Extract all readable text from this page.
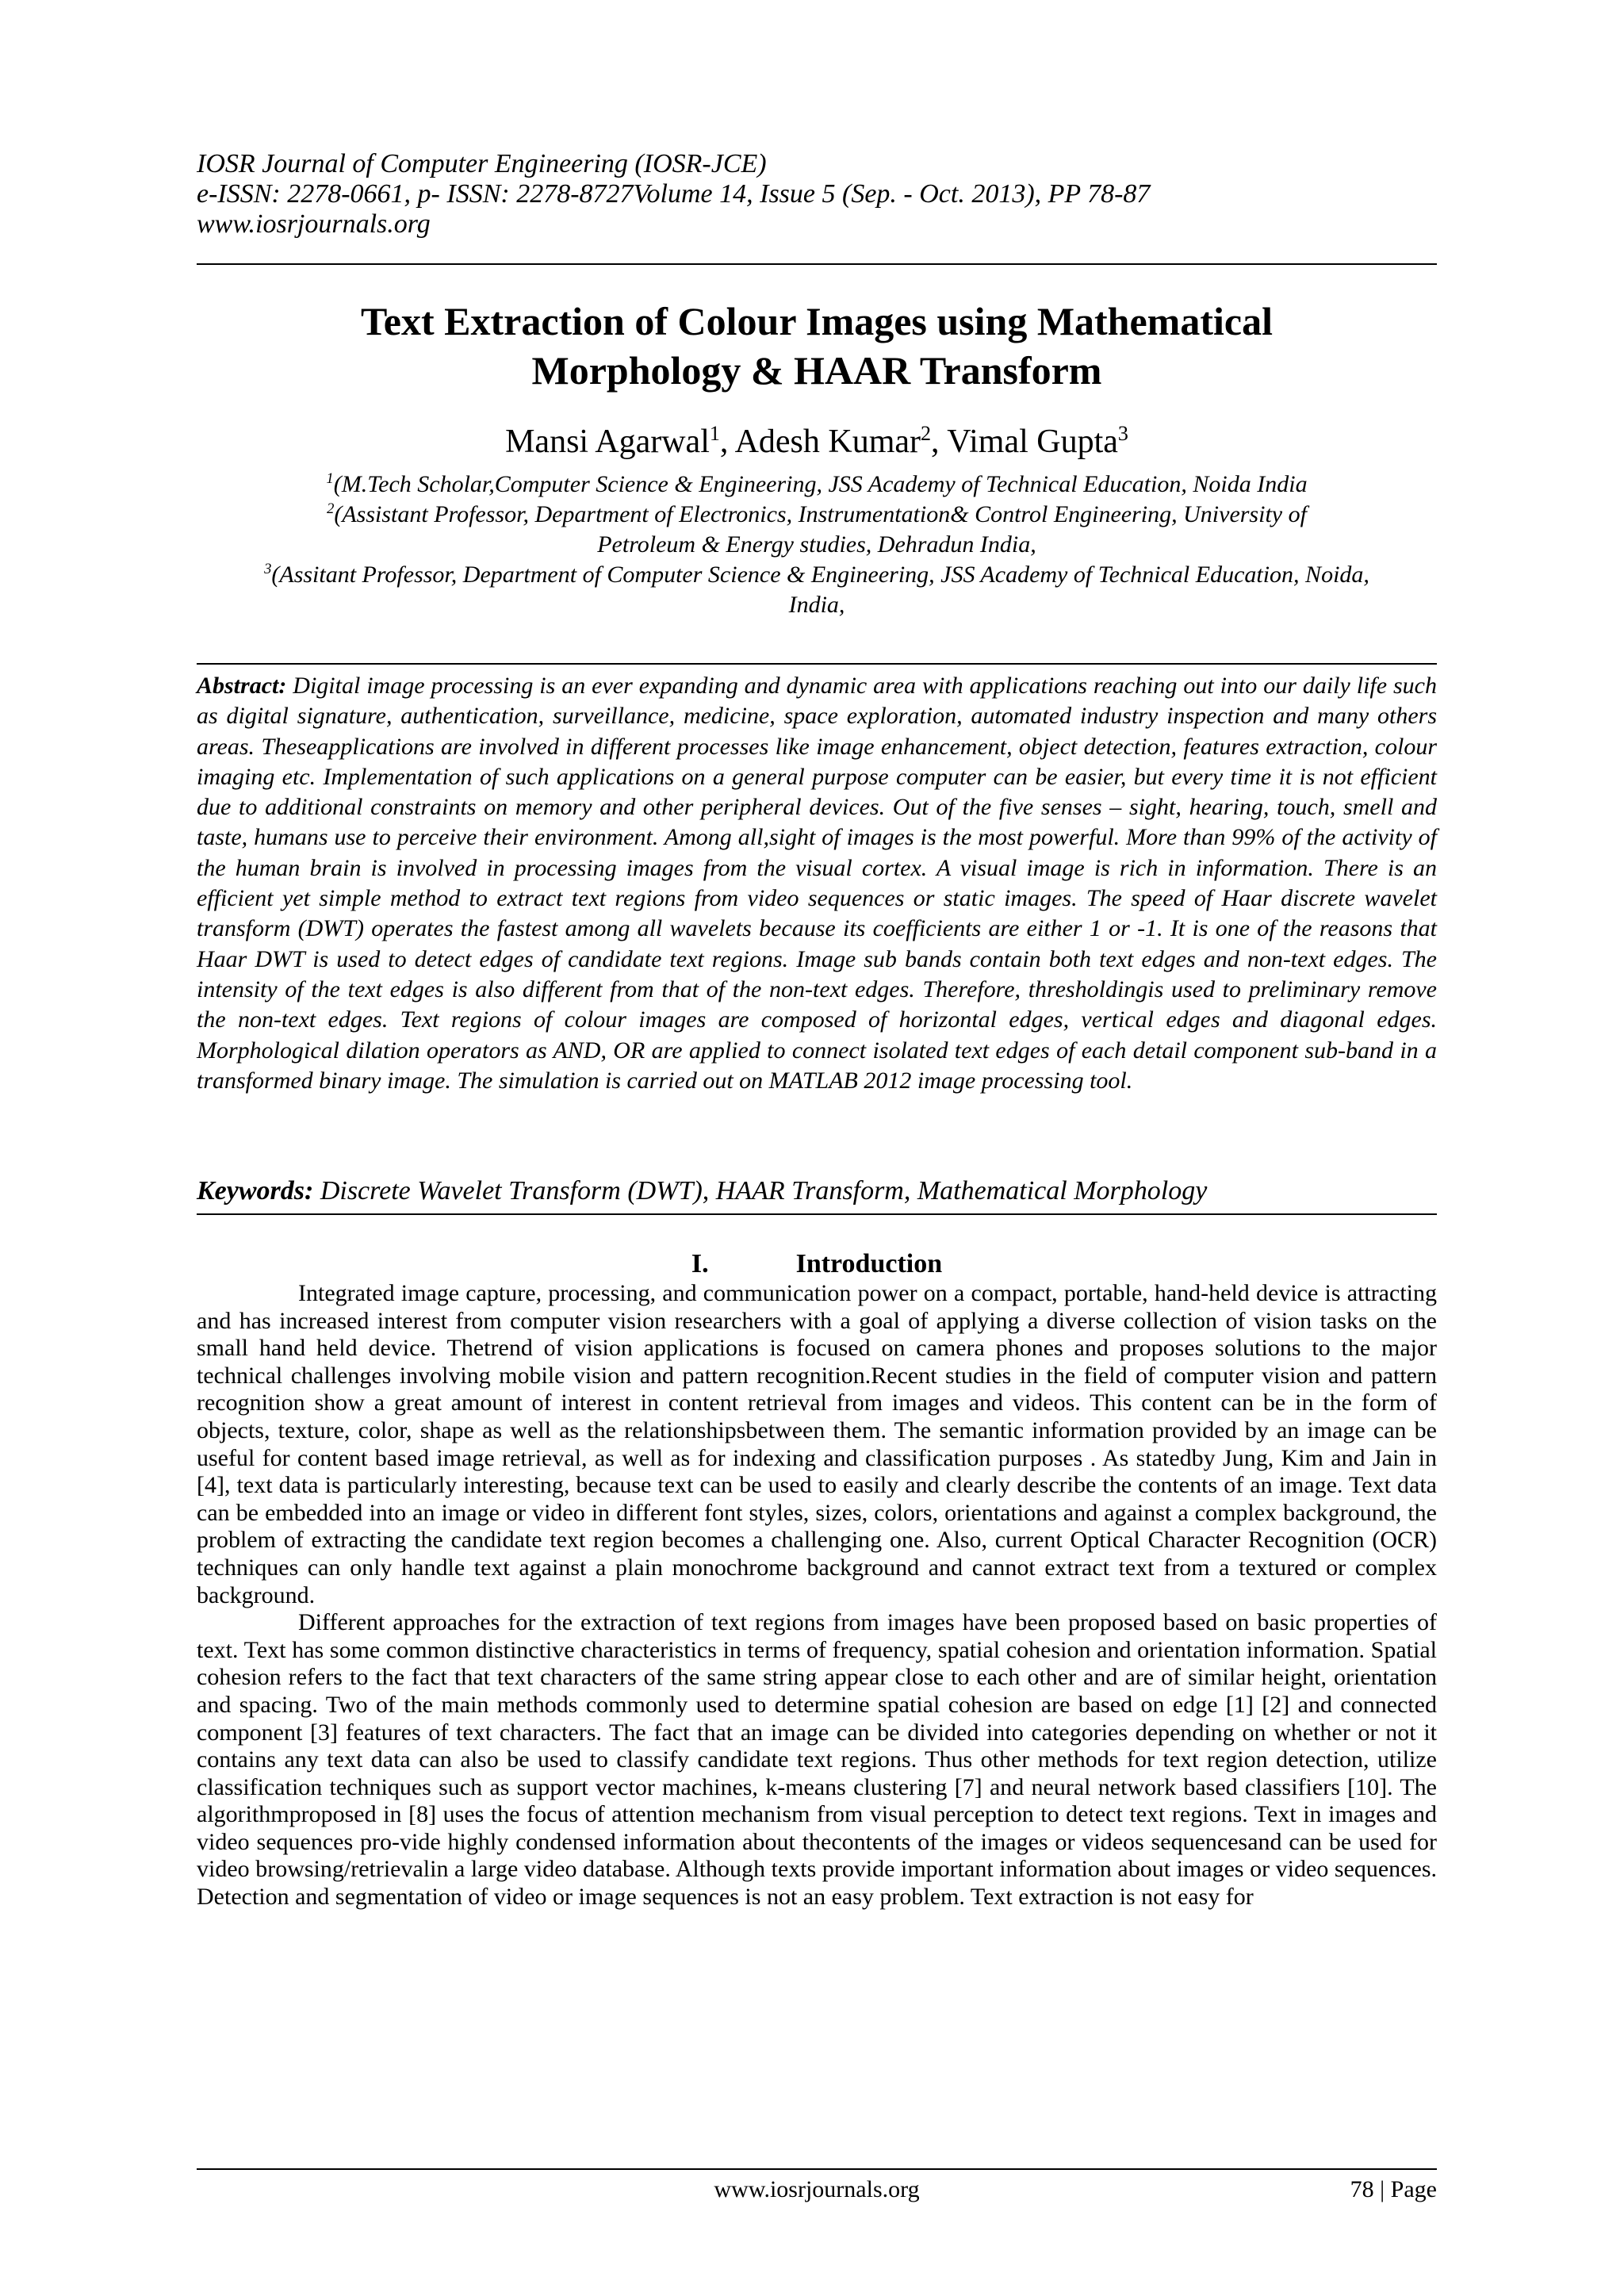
IOSR Journal of Computer Engineering (IOSR-JCE)

e-ISSN: 2278-0661, p- ISSN: 2278-8727Volume 14, Issue 5 (Sep. - Oct. 2013), PP 78-87

www.iosrjournals.org

Text Extraction of Colour Images using Mathematical
Morphology & HAAR Transform
Mansi Agarwal$^1$, Adesh Kumar$^2$, Vimal Gupta$^3$
$^1$(M.Tech Scholar,Computer Science & Engineering, JSS Academy of Technical Education, Noida India
$^2$(Assistant Professor, Department of Electronics, Instrumentation& Control Engineering, University of Petroleum & Energy studies, Dehradun India,
$^3$(Assitant Professor, Department of Computer Science & Engineering, JSS Academy of Technical Education, Noida, India,

Abstract: Digital image processing is an ever expanding and dynamic area with applications reaching out into our daily life such as digital signature, authentication, surveillance, medicine, space exploration, automated industry inspection and many others areas. Theseapplications are involved in different processes like image enhancement, object detection, features extraction, colour imaging etc. Implementation of such applications on a general purpose computer can be easier, but every time it is not efficient due to additional constraints on memory and other peripheral devices. Out of the five senses – sight, hearing, touch, smell and taste, humans use to perceive their environment. Among all,sight of images is the most powerful. More than 99% of the activity of the human brain is involved in processing images from the visual cortex. A visual image is rich in information. There is an efficient yet simple method to extract text regions from video sequences or static images. The speed of Haar discrete wavelet transform (DWT) operates the fastest among all wavelets because its coefficients are either 1 or -1. It is one of the reasons that Haar DWT is used to detect edges of candidate text regions. Image sub bands contain both text edges and non-text edges. The intensity of the text edges is also different from that of the non-text edges. Therefore, thresholdingis used to preliminary remove the non-text edges. Text regions of colour images are composed of horizontal edges, vertical edges and diagonal edges. Morphological dilation operators as AND, OR are applied to connect isolated text edges of each detail component sub-band in a transformed binary image. The simulation is carried out on MATLAB 2012 image processing tool.

Keywords: Discrete Wavelet Transform (DWT), HAAR Transform, Mathematical Morphology

I.	Introduction

Integrated image capture, processing, and communication power on a compact, portable, hand-held device is attracting and has increased interest from computer vision researchers with a goal of applying a diverse collection of vision tasks on the small hand held device. Thetrend of vision applications is focused on camera phones and proposes solutions to the major technical challenges involving mobile vision and pattern recognition.Recent studies in the field of computer vision and pattern recognition show a great amount of interest in content retrieval from images and videos. This content can be in the form of objects, texture, color, shape as well as the relationshipsbetween them. The semantic information provided by an image can be useful for content based image retrieval, as well as for indexing and classification purposes . As statedby Jung, Kim and Jain in [4], text data is particularly interesting, because text can be used to easily and clearly describe the contents of an image. Text data can be embedded into an image or video in different font styles, sizes, colors, orientations and against a complex background, the problem of extracting the candidate text region becomes a challenging one. Also, current Optical Character Recognition (OCR) techniques can only handle text against a plain monochrome background and cannot extract text from a textured or complex background.

Different approaches for the extraction of text regions from images have been proposed based on basic properties of text. Text has some common distinctive characteristics in terms of frequency, spatial cohesion and orientation information. Spatial cohesion refers to the fact that text characters of the same string appear close to each other and are of similar height, orientation and spacing. Two of the main methods commonly used to determine spatial cohesion are based on edge [1] [2] and connected component [3] features of text characters. The fact that an image can be divided into categories depending on whether or not it contains any text data can also be used to classify candidate text regions. Thus other methods for text region detection, utilize classification techniques such as support vector machines, k-means clustering [7] and neural network based classifiers [10]. The algorithmproposed in [8] uses the focus of attention mechanism from visual perception to detect text regions. Text in images and video sequences pro-vide highly condensed information about thecontents of the images or videos sequencesand can be used for video browsing/retrievalin a large video database. Although texts provide important information about images or video sequences. Detection and segmentation of video or image sequences is not an easy problem. Text extraction is not easy for

www.iosrjournals.org	78 | Page
